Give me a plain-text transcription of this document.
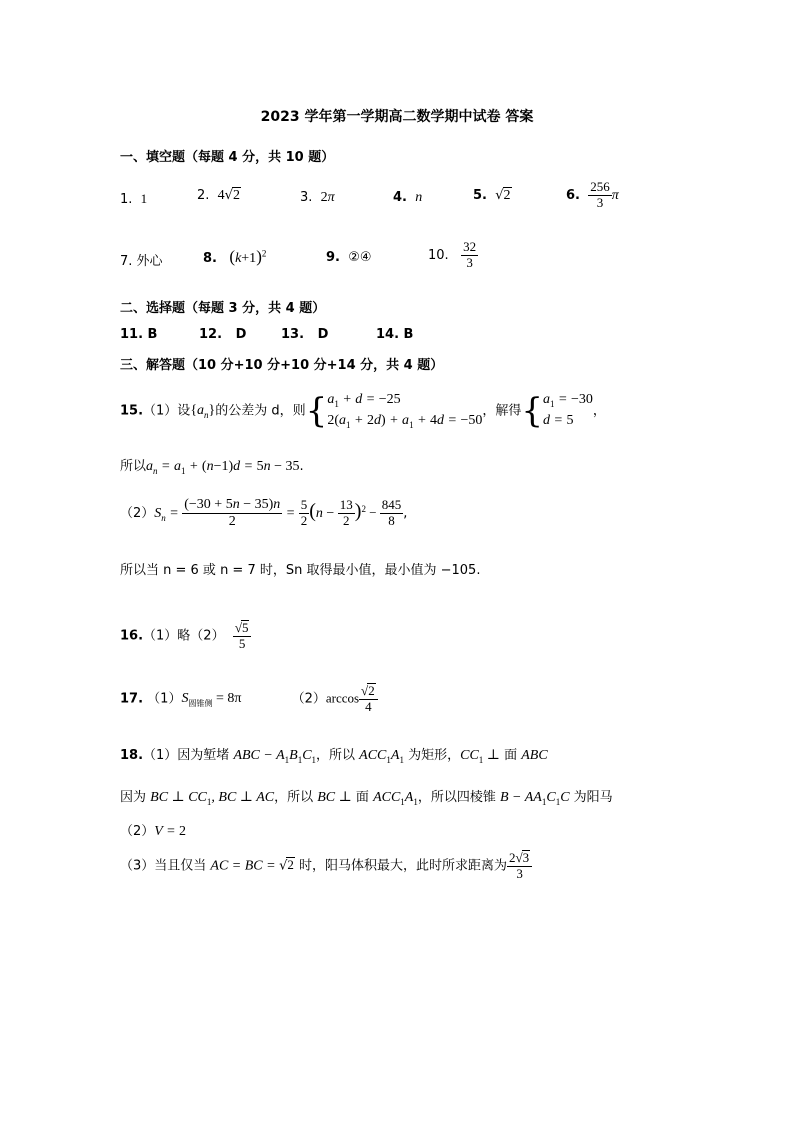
2023 学年第一学期高二数学期中试卷 答案
一、填空题（每题 4 分，共 10 题）
1. 1	2. 4√2	3. 2π	4. n	5. √2	6. $\frac{256}{3}$ π
7. 外心	8. $(k+1)^2$	9.  ②④	10. $\frac{32}{3}$
二、选择题（每题 3 分，共 4 题）
11. B	12. D	13. D	14. B
三、解答题（10 分+10 分+10 分+14 分，共 4 题）
15.（1）设$\{a_n\}$的公差为 d，则{$a_1 + d = -25$
$2(a_1 + 2d) + a_1 + 4d = -50$，解得{$a_1 = -30$
d = 5，
所以$a_n = a_1 + (n-1)d = 5n - 35$.
$(2)S_n = \frac{(-30 + 5n - 35)n}{2} = \frac{5}{2} (n - \frac{13}{2} )^2 - \frac{845}{8}$ ,
所以当 n = 6 或 n = 7 时，Sn 取得最小值，最小值为 −105.
16.（1）略$(2) \frac{√5}{5}$
17. $(1)S_{圆锥侧} = 8\pi$	$(2)\arccos \frac{√2}{4}$
18.（1）因为堑堵 ABC − $A_1B_1C_1$，所以 $ACC_1A_1$ 为矩形，$CC_1$ ⊥ 面 ABC
因为 BC ⊥ $CC_1$, BC ⊥ AC，所以 BC ⊥ 面 $ACC_1A_1$，所以四棱锥 $B - AA_1C_1C$ 为阳马
（2）V = 2
（3）当且仅当 AC = BC = √2 时，阳马体积最大，此时所求距离为 $\frac{2√3}{3}$
